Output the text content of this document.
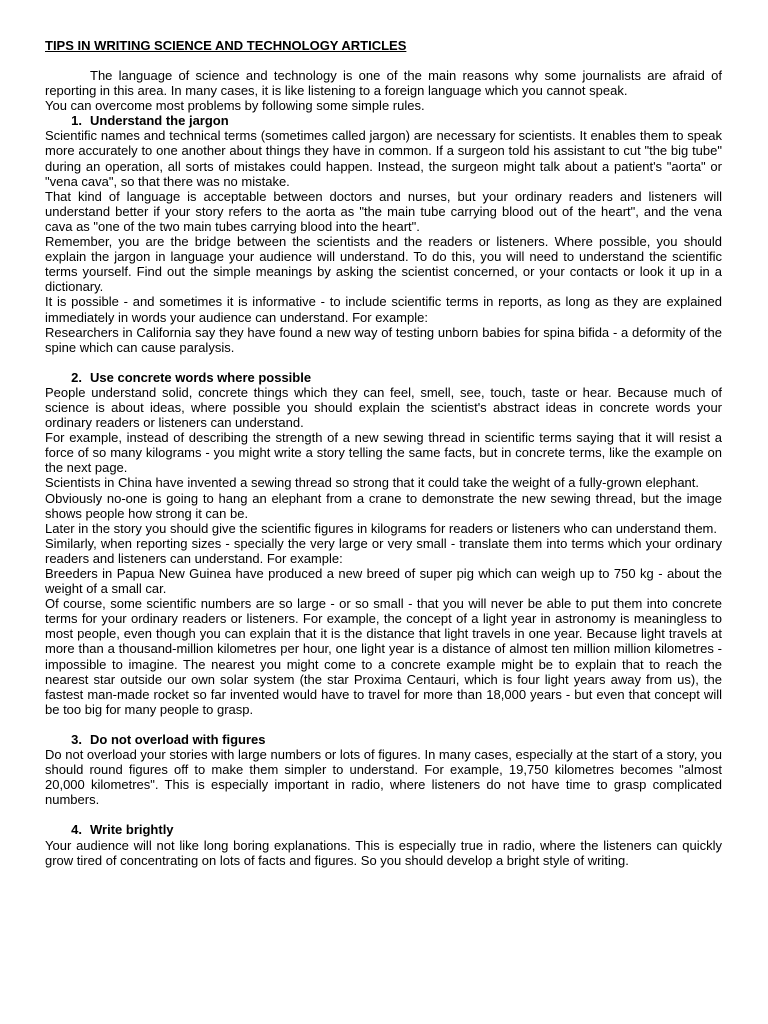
TIPS IN WRITING SCIENCE AND TECHNOLOGY ARTICLES

The language of science and technology is one of the main reasons why some journalists are afraid of reporting in this area. In many cases, it is like listening to a foreign language which you cannot speak.

You can overcome most problems by following some simple rules.

1. Understand the jargon

Scientific names and technical terms (sometimes called jargon) are necessary for scientists. It enables them to speak more accurately to one another about things they have in common. If a surgeon told his assistant to cut "the big tube" during an operation, all sorts of mistakes could happen. Instead, the surgeon might talk about a patient's "aorta" or "vena cava", so that there was no mistake.

That kind of language is acceptable between doctors and nurses, but your ordinary readers and listeners will understand better if your story refers to the aorta as "the main tube carrying blood out of the heart", and the vena cava as "one of the two main tubes carrying blood into the heart".

Remember, you are the bridge between the scientists and the readers or listeners. Where possible, you should explain the jargon in language your audience will understand. To do this, you will need to understand the scientific terms yourself. Find out the simple meanings by asking the scientist concerned, or your contacts or look it up in a dictionary.

It is possible - and sometimes it is informative - to include scientific terms in reports, as long as they are explained immediately in words your audience can understand. For example:

Researchers in California say they have found a new way of testing unborn babies for spina bifida - a deformity of the spine which can cause paralysis.

2. Use concrete words where possible

People understand solid, concrete things which they can feel, smell, see, touch, taste or hear. Because much of science is about ideas, where possible you should explain the scientist's abstract ideas in concrete words your ordinary readers or listeners can understand.

For example, instead of describing the strength of a new sewing thread in scientific terms saying that it will resist a force of so many kilograms - you might write a story telling the same facts, but in concrete terms, like the example on the next page.

Scientists in China have invented a sewing thread so strong that it could take the weight of a fully-grown elephant.

Obviously no-one is going to hang an elephant from a crane to demonstrate the new sewing thread, but the image shows people how strong it can be.

Later in the story you should give the scientific figures in kilograms for readers or listeners who can understand them.

Similarly, when reporting sizes - specially the very large or very small - translate them into terms which your ordinary readers and listeners can understand. For example:

Breeders in Papua New Guinea have produced a new breed of super pig which can weigh up to 750 kg - about the weight of a small car.

Of course, some scientific numbers are so large - or so small - that you will never be able to put them into concrete terms for your ordinary readers or listeners. For example, the concept of a light year in astronomy is meaningless to most people, even though you can explain that it is the distance that light travels in one year. Because light travels at more than a thousand-million kilometres per hour, one light year is a distance of almost ten million million kilometres - impossible to imagine. The nearest you might come to a concrete example might be to explain that to reach the nearest star outside our own solar system (the star Proxima Centauri, which is four light years away from us), the fastest man-made rocket so far invented would have to travel for more than 18,000 years - but even that concept will be too big for many people to grasp.

3. Do not overload with figures

Do not overload your stories with large numbers or lots of figures. In many cases, especially at the start of a story, you should round figures off to make them simpler to understand. For example, 19,750 kilometres becomes "almost 20,000 kilometres". This is especially important in radio, where listeners do not have time to grasp complicated numbers.

4. Write brightly

Your audience will not like long boring explanations. This is especially true in radio, where the listeners can quickly grow tired of concentrating on lots of facts and figures. So you should develop a bright style of writing.
